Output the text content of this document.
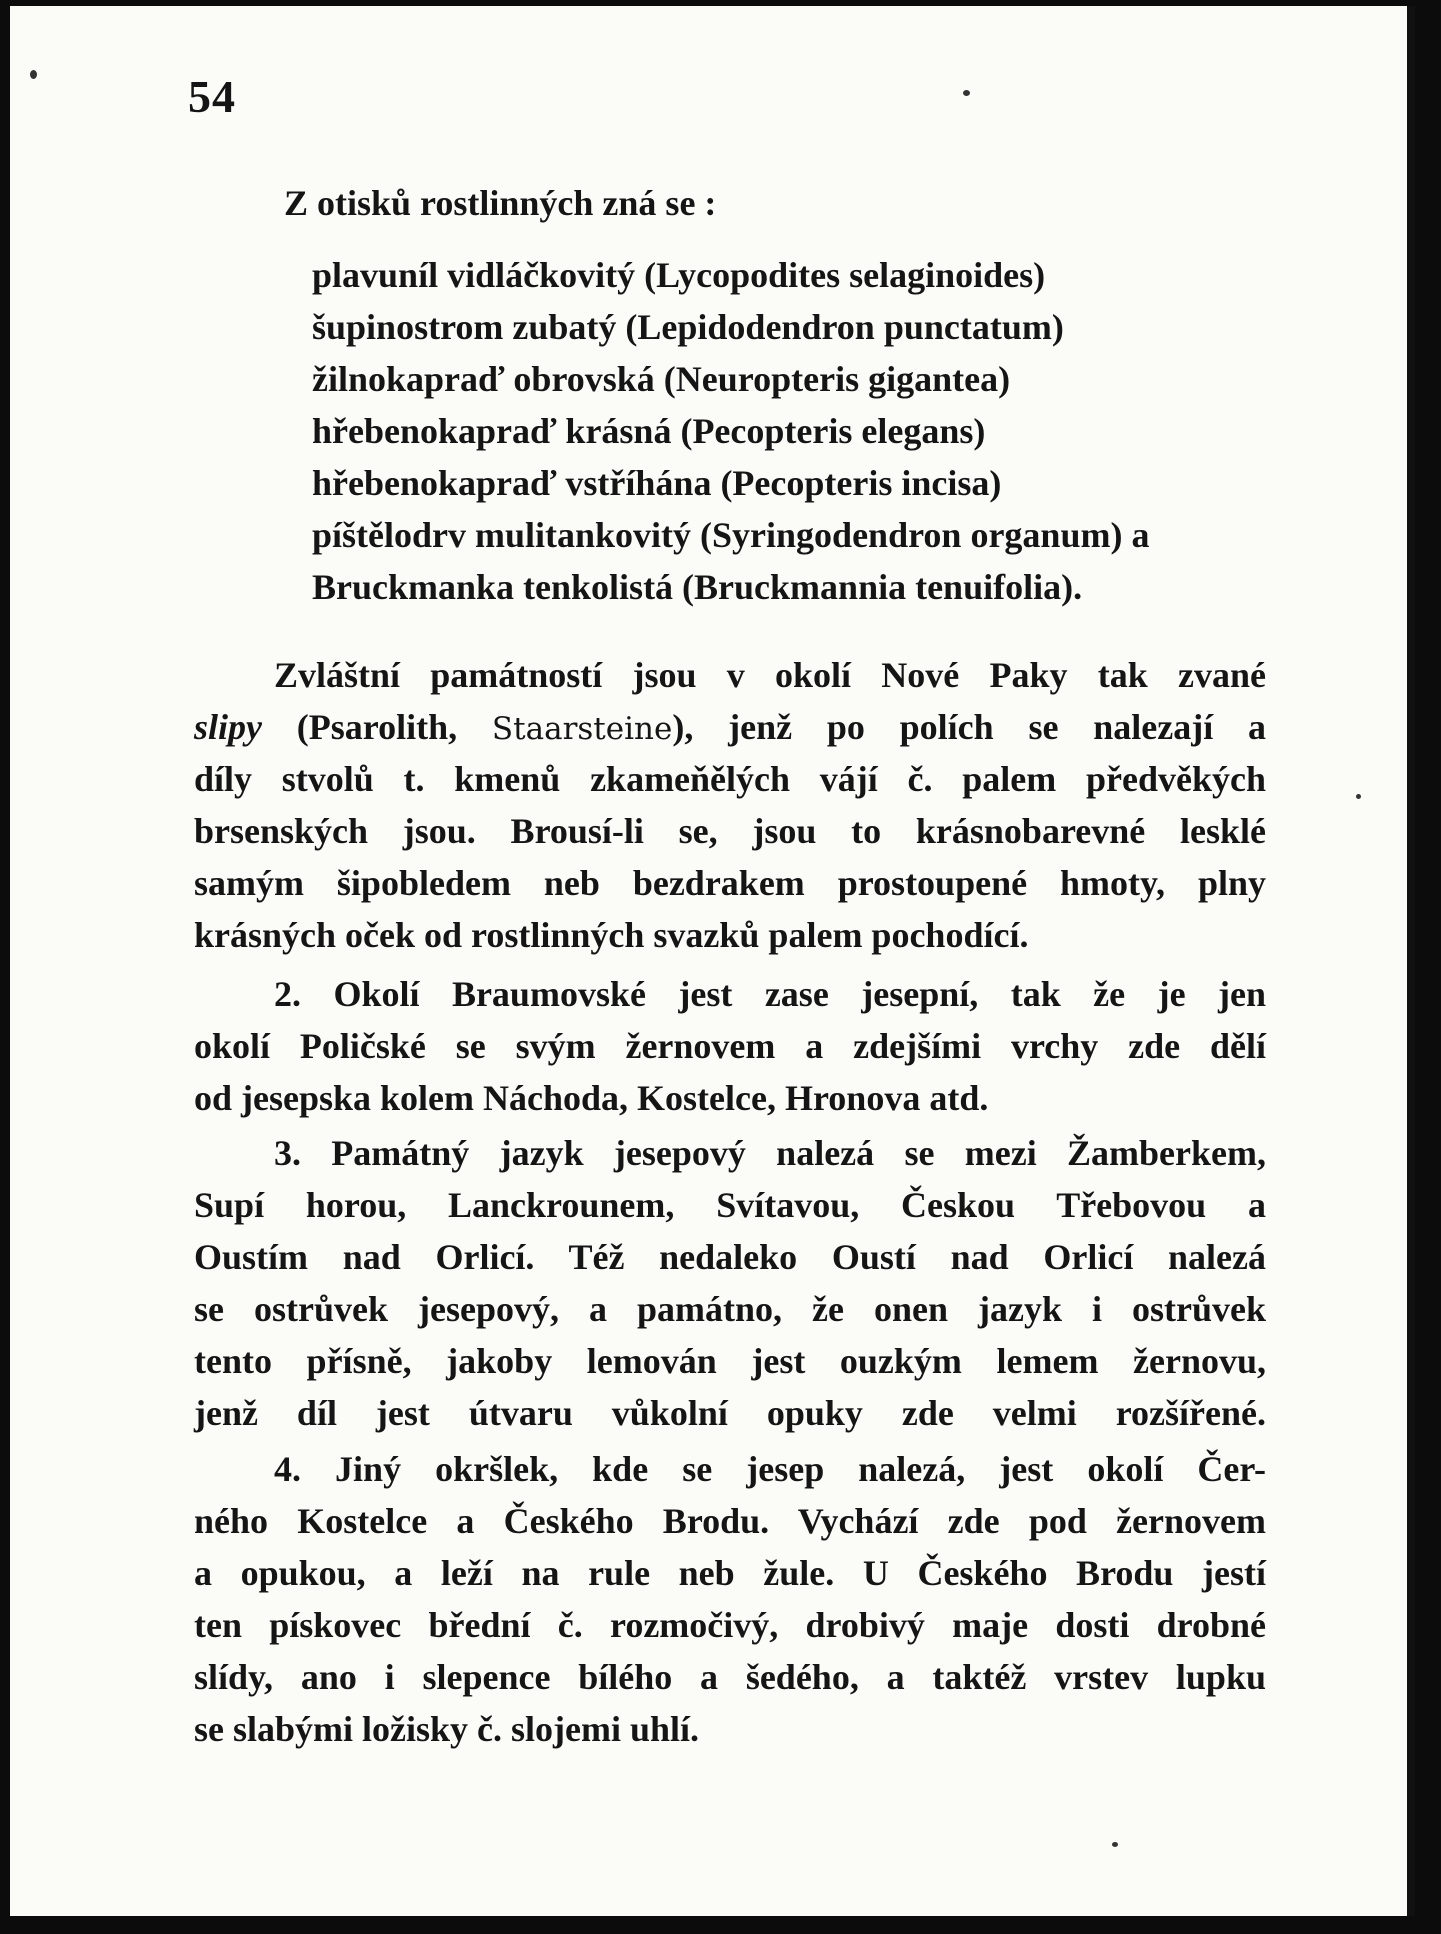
54
Z otisků rostlinných zná se :
plavuníl vidláčkovitý (Lycopodites selaginoides)
šupinostrom zubatý (Lepidodendron punctatum)
žilnokapraď obrovská (Neuropteris gigantea)
hřebenokapraď krásná (Pecopteris elegans)
hřebenokapraď vstříhána (Pecopteris incisa)
píštělodrv mulitankovitý (Syringodendron organum) a
Bruckmanka tenkolistá (Bruckmannia tenuifolia).
Zvláštní památností jsou v okolí Nové Paky tak zvané
slipy (Psarolith, Staarsteine), jenž po polích se nalezají a
díly stvolů t. kmenů zkameňělých vájí č. palem předvěkých
brsenských jsou. Brousí-li se, jsou to krásnobarevné lesklé
samým šipobledem neb bezdrakem prostoupené hmoty, plny
krásných oček od rostlinných svazků palem pochodící.
2. Okolí Braumovské jest zase jesepní, tak že je jen
okolí Poličské se svým žernovem a zdejšími vrchy zde dělí
od jesepska kolem Náchoda, Kostelce, Hronova atd.
3. Památný jazyk jesepový nalezá se mezi Žamberkem,
Supí horou, Lanckrounem, Svítavou, Českou Třebovou a
Oustím nad Orlicí. Též nedaleko Oustí nad Orlicí nalezá
se ostrůvek jesepový, a památno, že onen jazyk i ostrůvek
tento přísně, jakoby lemován jest ouzkým lemem žernovu,
jenž díl jest útvaru vůkolní opuky zde velmi rozšířené.
4. Jiný okršlek, kde se jesep nalezá, jest okolí Čer-
ného Kostelce a Českého Brodu. Vychází zde pod žernovem
a opukou, a leží na rule neb žule. U Českého Brodu jestí
ten pískovec břední č. rozmočivý, drobivý maje dosti drobné
slídy, ano i slepence bílého a šedého, a taktéž vrstev lupku
se slabými ložisky č. slojemi uhlí.
